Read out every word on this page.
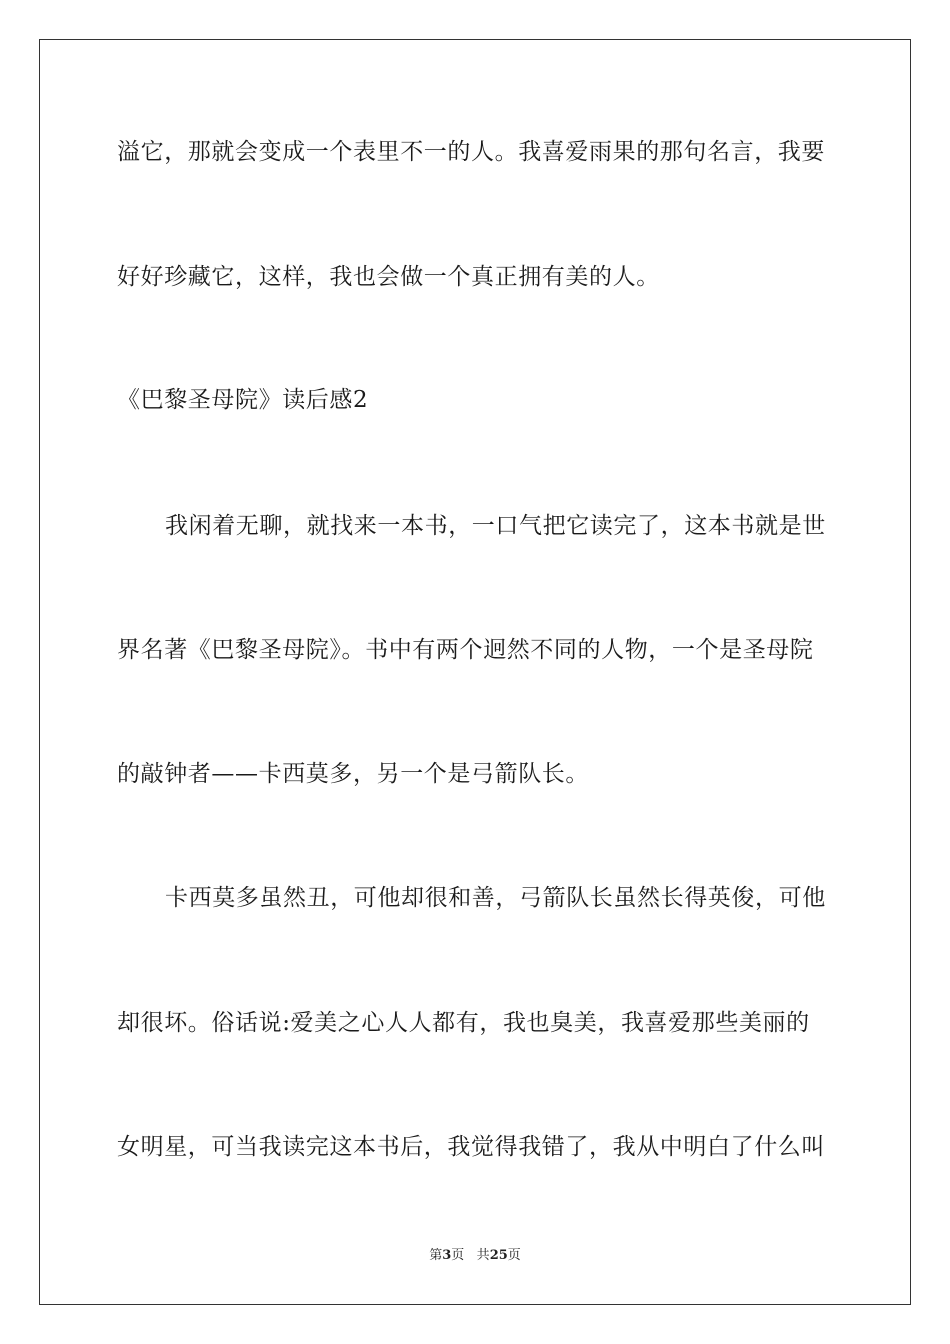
溢它，那就会变成一个表里不一的人。我喜爱雨果的那句名言，我要
好好珍藏它，这样，我也会做一个真正拥有美的人。
《巴黎圣母院》读后感2
我闲着无聊，就找来一本书，一口气把它读完了，这本书就是世
界名著《巴黎圣母院》。书中有两个迥然不同的人物，一个是圣母院
的敲钟者——卡西莫多，另一个是弓箭队长。
卡西莫多虽然丑，可他却很和善，弓箭队长虽然长得英俊，可他
却很坏。俗话说:爱美之心人人都有，我也臭美，我喜爱那些美丽的
女明星，可当我读完这本书后，我觉得我错了，我从中明白了什么叫
第3页 共25页
